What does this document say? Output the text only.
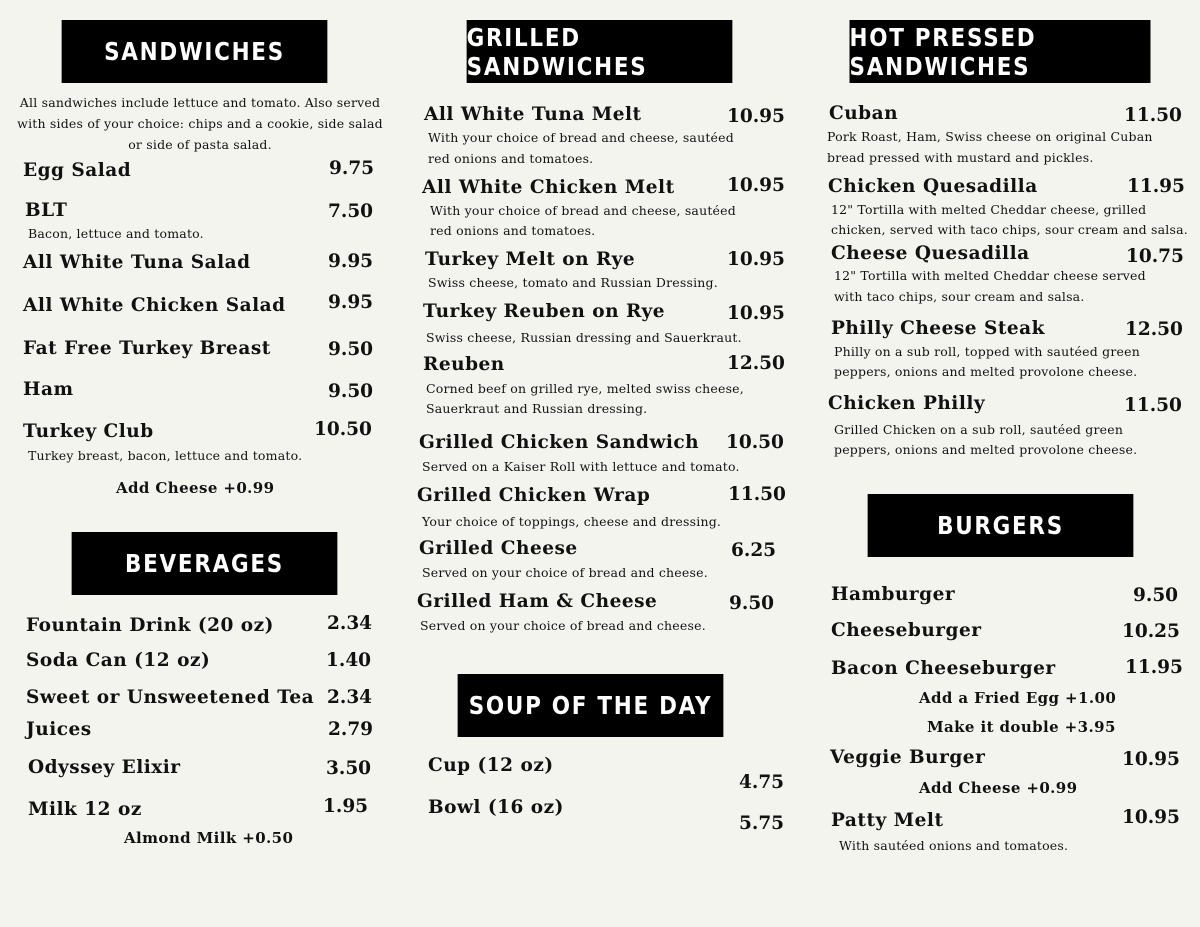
SANDWICHES
All sandwiches include lettuce and tomato. Also served with sides of your choice: chips and a cookie, side salad or side of pasta salad.
Egg Salad	9.75
BLT	7.50
Bacon, lettuce and tomato.
All White Tuna Salad	9.95
All White Chicken Salad 9.95
Fat Free Turkey Breast	9.50
Ham	9.50
Turkey Club	10.50
Turkey breast, bacon, lettuce and tomato.
Add Cheese +0.99
BEVERAGES
Fountain Drink (20 oz)	2.34
Soda Can (12 oz)	1.40
Sweet or Unsweetened Tea 2.34
Juices	2.79
Odyssey Elixir	3.50
Milk 12 oz	1.95
Almond Milk +0.50
GRILLED SANDWICHES
All White Tuna Melt	10.95
With your choice of bread and cheese, sautéed
red onions and tomatoes.
All White Chicken Melt	10.95
With your choice of bread and cheese, sautéed
red onions and tomatoes.
Turkey Melt on Rye	10.95
Swiss cheese, tomato and Russian Dressing.
Turkey Reuben on Rye	10.95
Swiss cheese, Russian dressing and Sauerkraut.
Reuben	12.50
Corned beef on grilled rye, melted swiss cheese,
Sauerkraut and Russian dressing.
Grilled Chicken Sandwich 10.50
Served on a Kaiser Roll with lettuce and tomato.
Grilled Chicken Wrap	11.50
Your choice of toppings, cheese and dressing.
Grilled Cheese	6.25
Served on your choice of bread and cheese.
Grilled Ham & Cheese	9.50
Served on your choice of bread and cheese.
SOUP OF THE DAY
Cup (12 oz)
4.75
Bowl (16 oz)
5.75
HOT PRESSED SANDWICHES
Cuban	11.50
Pork Roast, Ham, Swiss cheese on original Cuban
bread pressed with mustard and pickles.
Chicken Quesadilla	11.95
12" Tortilla with melted Cheddar cheese, grilled
chicken, served with taco chips, sour cream and salsa.
Cheese Quesadilla	10.75
12" Tortilla with melted Cheddar cheese served
with taco chips, sour cream and salsa.
Philly Cheese Steak	12.50
Philly on a sub roll, topped with sautéed green
peppers, onions and melted provolone cheese.
Chicken Philly	11.50
Grilled Chicken on a sub roll, sautéed green
peppers, onions and melted provolone cheese.
BURGERS
Hamburger	9.50
Cheeseburger	10.25
Bacon Cheeseburger	11.95
Add a Fried Egg +1.00
Make it double +3.95
Veggie Burger	10.95
Add Cheese +0.99
Patty Melt	10.95
With sautéed onions and tomatoes.
